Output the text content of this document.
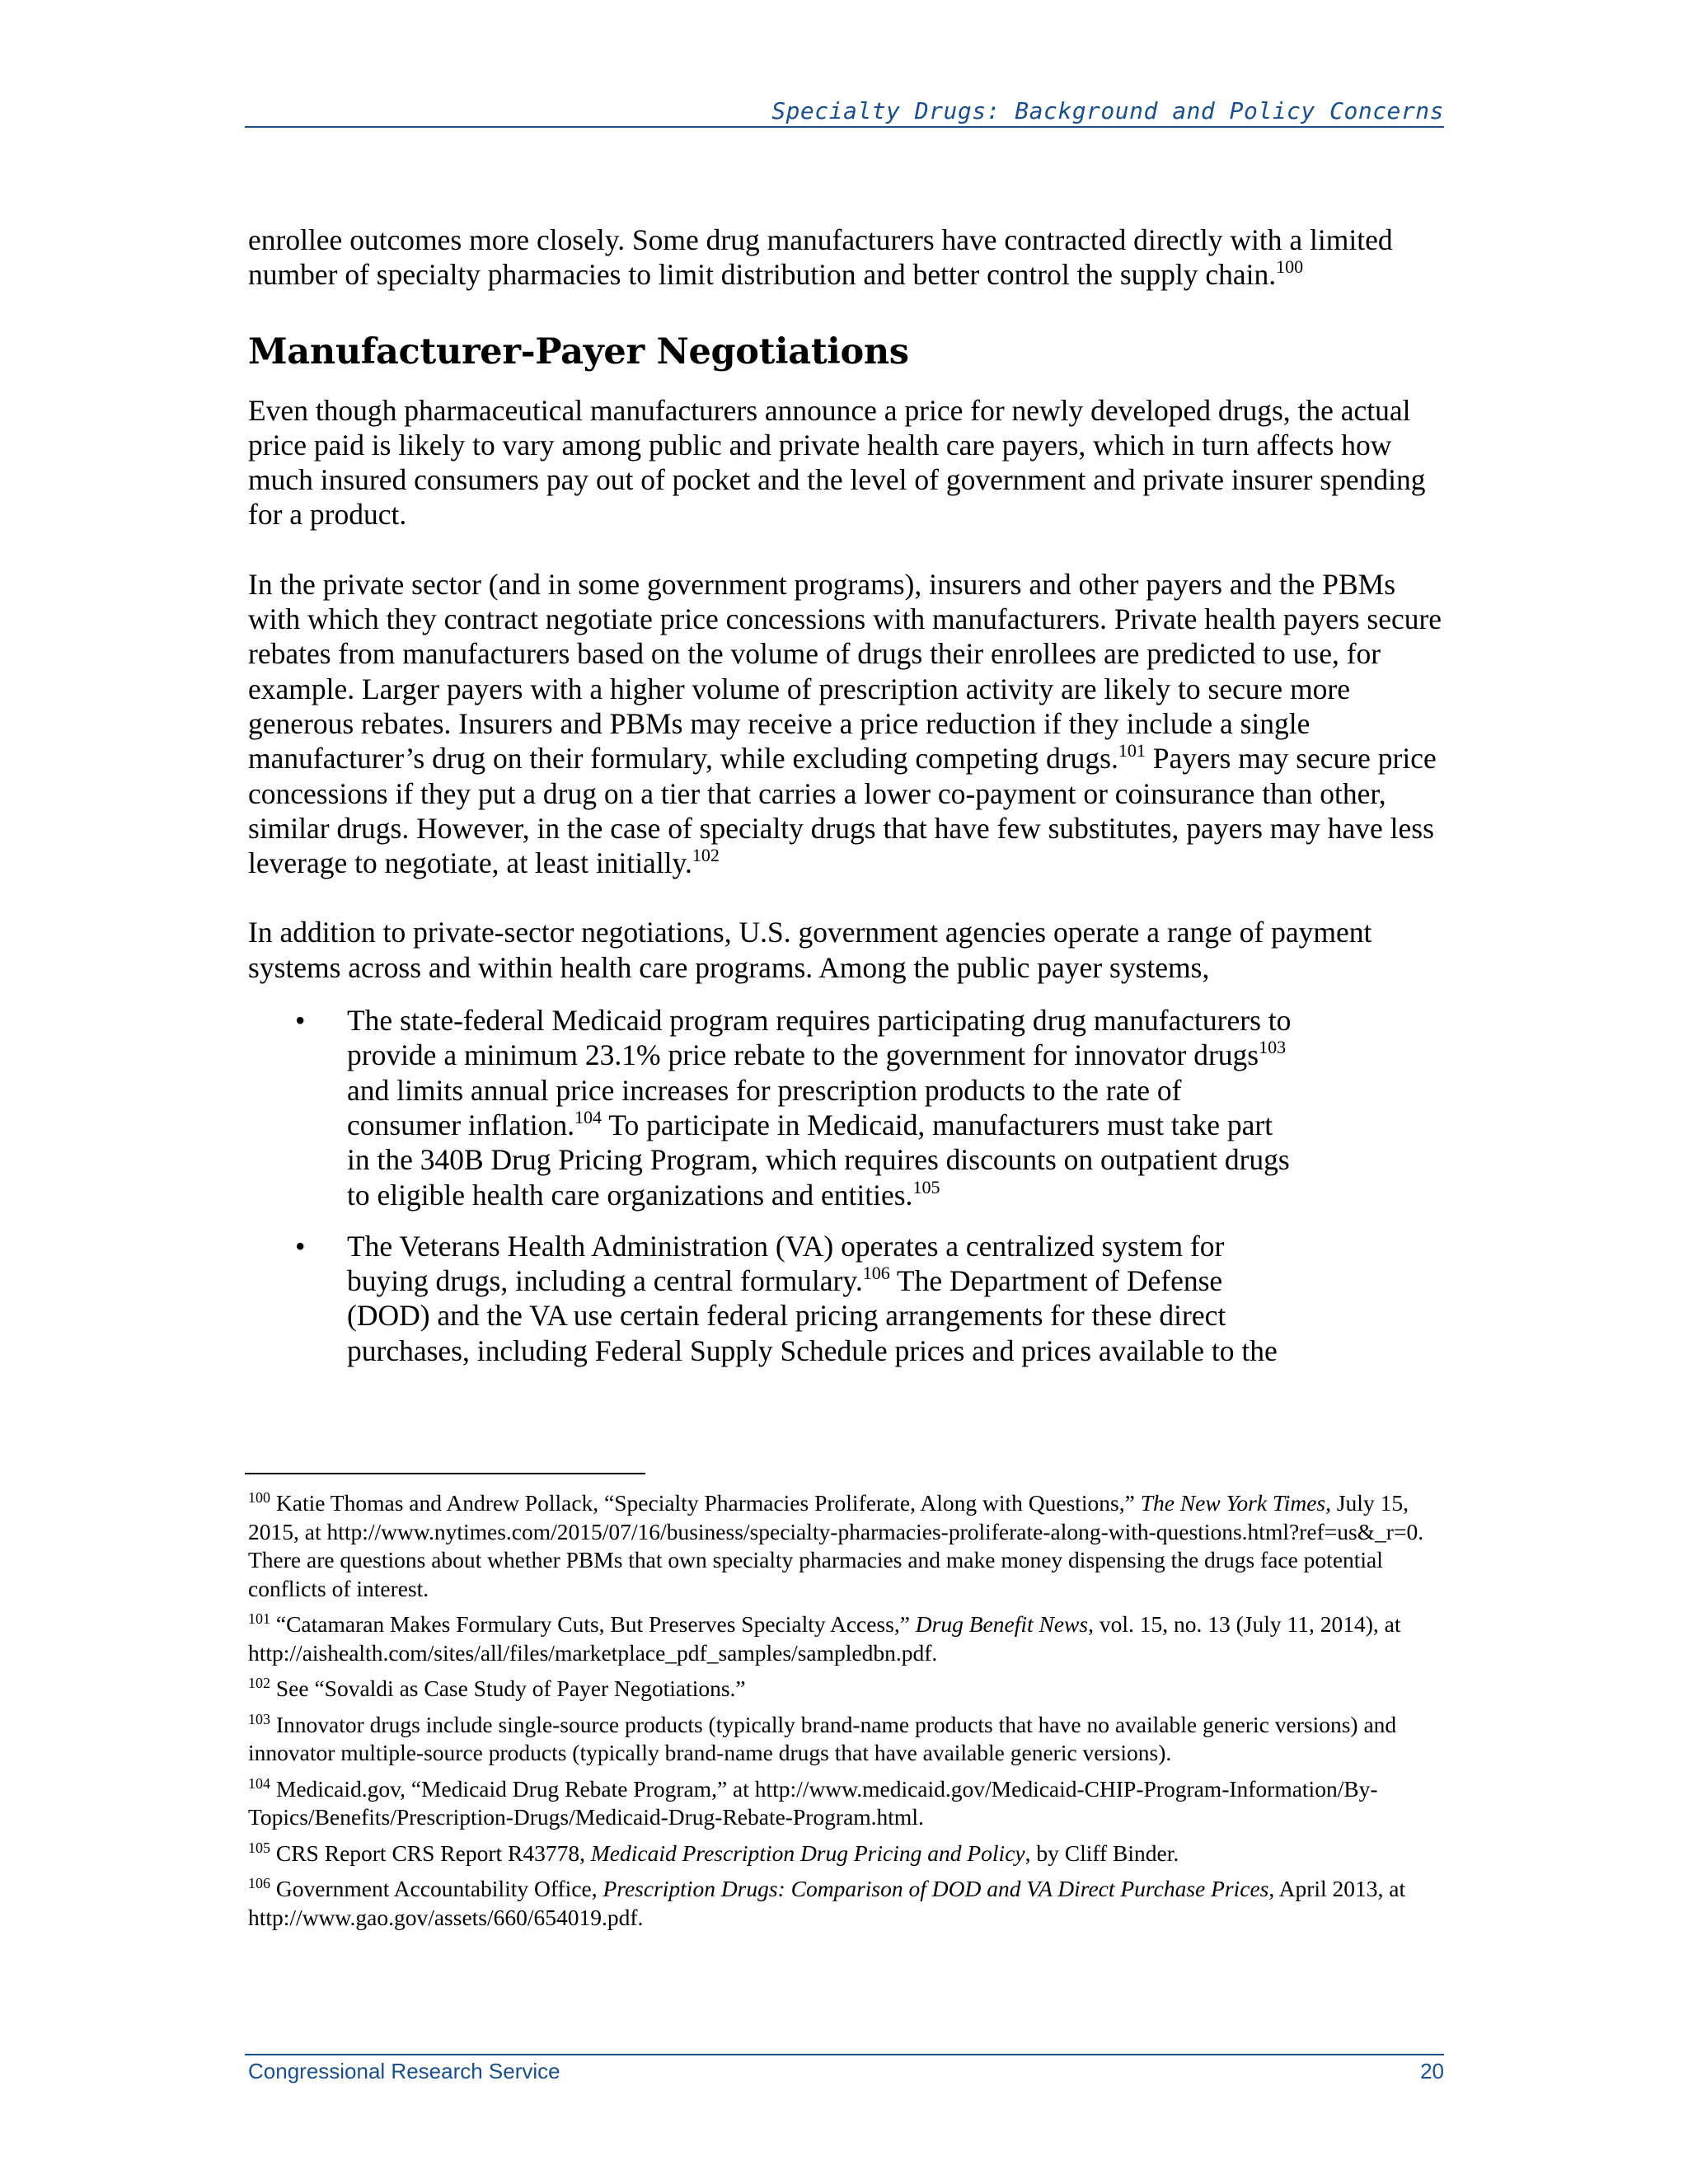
Specialty Drugs: Background and Policy Concerns

enrollee outcomes more closely. Some drug manufacturers have contracted directly with a limited number of specialty pharmacies to limit distribution and better control the supply chain.$^{100}$

Manufacturer-Payer Negotiations

Even though pharmaceutical manufacturers announce a price for newly developed drugs, the actual price paid is likely to vary among public and private health care payers, which in turn affects how much insured consumers pay out of pocket and the level of government and private insurer spending for a product.

In the private sector (and in some government programs), insurers and other payers and the PBMs with which they contract negotiate price concessions with manufacturers. Private health payers secure rebates from manufacturers based on the volume of drugs their enrollees are predicted to use, for example. Larger payers with a higher volume of prescription activity are likely to secure more generous rebates. Insurers and PBMs may receive a price reduction if they include a single manufacturer’s drug on their formulary, while excluding competing drugs.$^{101}$ Payers may secure price concessions if they put a drug on a tier that carries a lower co-payment or coinsurance than other, similar drugs. However, in the case of specialty drugs that have few substitutes, payers may have less leverage to negotiate, at least initially.$^{102}$

In addition to private-sector negotiations, U.S. government agencies operate a range of payment systems across and within health care programs. Among the public payer systems,

• The state-federal Medicaid program requires participating drug manufacturers to provide a minimum 23.1% price rebate to the government for innovator drugs$^{103}$ and limits annual price increases for prescription products to the rate of consumer inflation.$^{104}$ To participate in Medicaid, manufacturers must take part in the 340B Drug Pricing Program, which requires discounts on outpatient drugs to eligible health care organizations and entities.$^{105}$
• The Veterans Health Administration (VA) operates a centralized system for buying drugs, including a central formulary.$^{106}$ The Department of Defense (DOD) and the VA use certain federal pricing arrangements for these direct purchases, including Federal Supply Schedule prices and prices available to the
$^{100}$ Katie Thomas and Andrew Pollack, “Specialty Pharmacies Proliferate, Along with Questions,” The New York Times, July 15, 2015, at http://www.nytimes.com/2015/07/16/business/specialty-pharmacies-proliferate-along-with-questions.html?ref=us&_r=0. There are questions about whether PBMs that own specialty pharmacies and make money dispensing the drugs face potential conflicts of interest.
$^{101}$ “Catamaran Makes Formulary Cuts, But Preserves Specialty Access,” Drug Benefit News, vol. 15, no. 13 (July 11, 2014), at http://aishealth.com/sites/all/files/marketplace_pdf_samples/sampledbn.pdf.
$^{102}$ See “Sovaldi as Case Study of Payer Negotiations.”
$^{103}$ Innovator drugs include single-source products (typically brand-name products that have no available generic versions) and innovator multiple-source products (typically brand-name drugs that have available generic versions).
$^{104}$ Medicaid.gov, “Medicaid Drug Rebate Program,” at http://www.medicaid.gov/Medicaid-CHIP-Program-Information/By-Topics/Benefits/Prescription-Drugs/Medicaid-Drug-Rebate-Program.html.
$^{105}$ CRS Report CRS Report R43778, Medicaid Prescription Drug Pricing and Policy, by Cliff Binder.
$^{106}$ Government Accountability Office, Prescription Drugs: Comparison of DOD and VA Direct Purchase Prices, April 2013, at http://www.gao.gov/assets/660/654019.pdf.
Congressional Research Service	20
